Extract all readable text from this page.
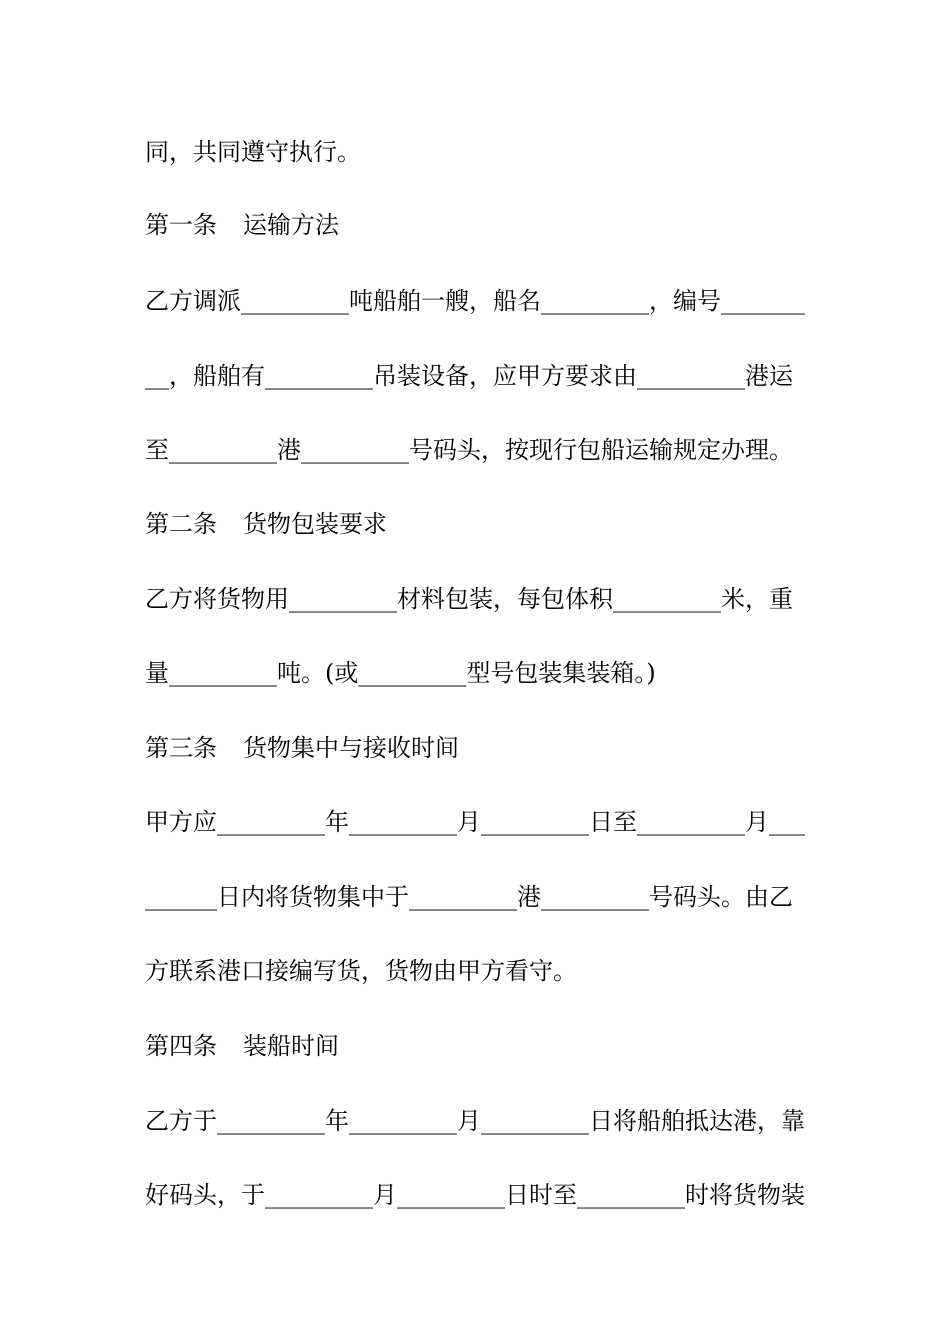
同，共同遵守执行。
第一条 运输方法
乙方调派_________吨船舶一艘，船名_________，编号_______
__，船舶有_________吊装设备，应甲方要求由_________港运
至_________港_________号码头，按现行包船运输规定办理。
第二条 货物包装要求
乙方将货物用_________材料包装，每包体积_________米，重
量_________吨。(或_________型号包装集装箱。)
第三条 货物集中与接收时间
甲方应_________年_________月_________日至_________月___
______日内将货物集中于_________港_________号码头。由乙
方联系港口接编写货，货物由甲方看守。
第四条 装船时间
乙方于_________年_________月_________日将船舶抵达港，靠
好码头，于_________月_________日时至_________时将货物装
